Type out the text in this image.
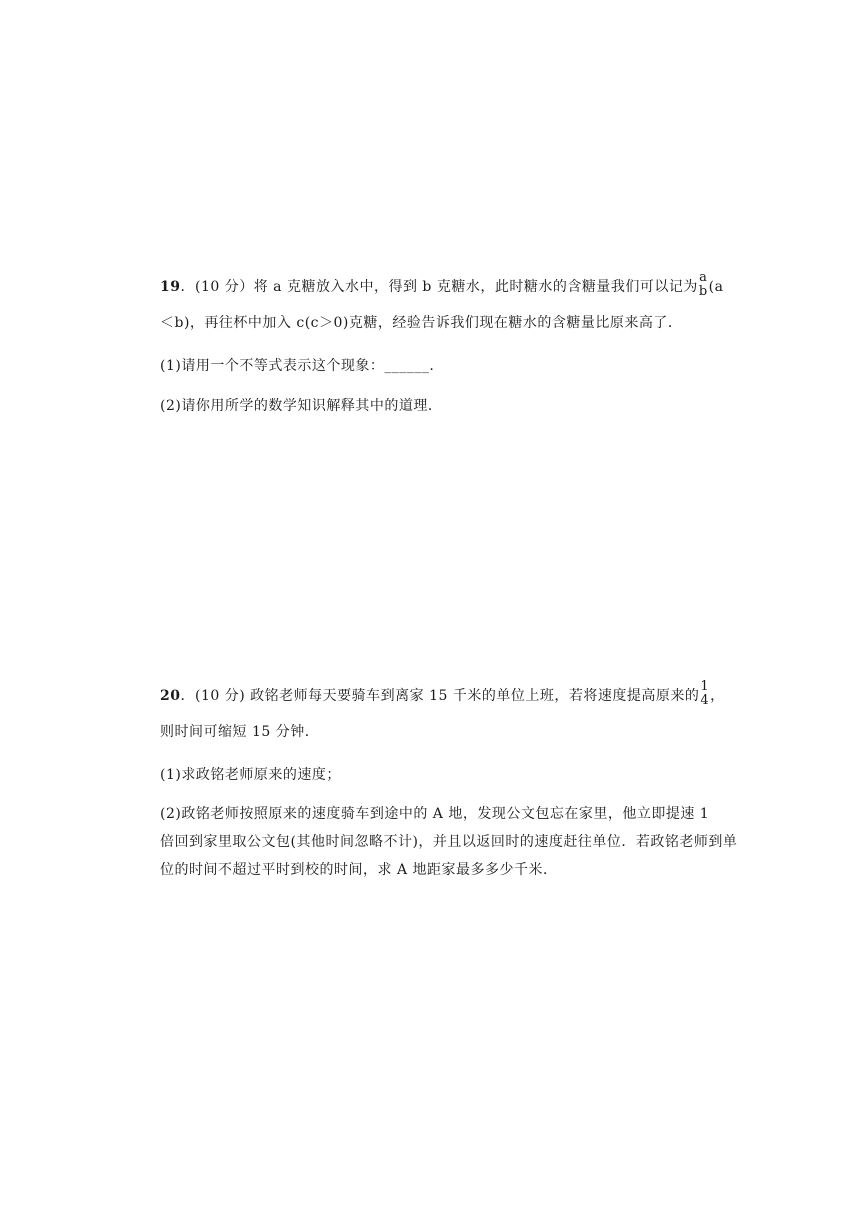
19．(10 分）将 a 克糖放入水中，得到 b 克糖水，此时糖水的含糖量我们可以记为
a
b (a
＜b)，再往杯中加入 c(c＞0)克糖，经验告诉我们现在糖水的含糖量比原来高了．
(1)请用一个不等式表示这个现象：______.
(2)请你用所学的数学知识解释其中的道理．
20．(10 分) 政铭老师每天要骑车到离家 15 千米的单位上班，若将速度提高原来的
1
4 ，
则时间可缩短 15 分钟．
(1)求政铭老师原来的速度；
(2)政铭老师按照原来的速度骑车到途中的 A 地，发现公文包忘在家里，他立即提速 1
倍回到家里取公文包(其他时间忽略不计)，并且以返回时的速度赶往单位．若政铭老师到单
位的时间不超过平时到校的时间，求 A 地距家最多多少千米．
